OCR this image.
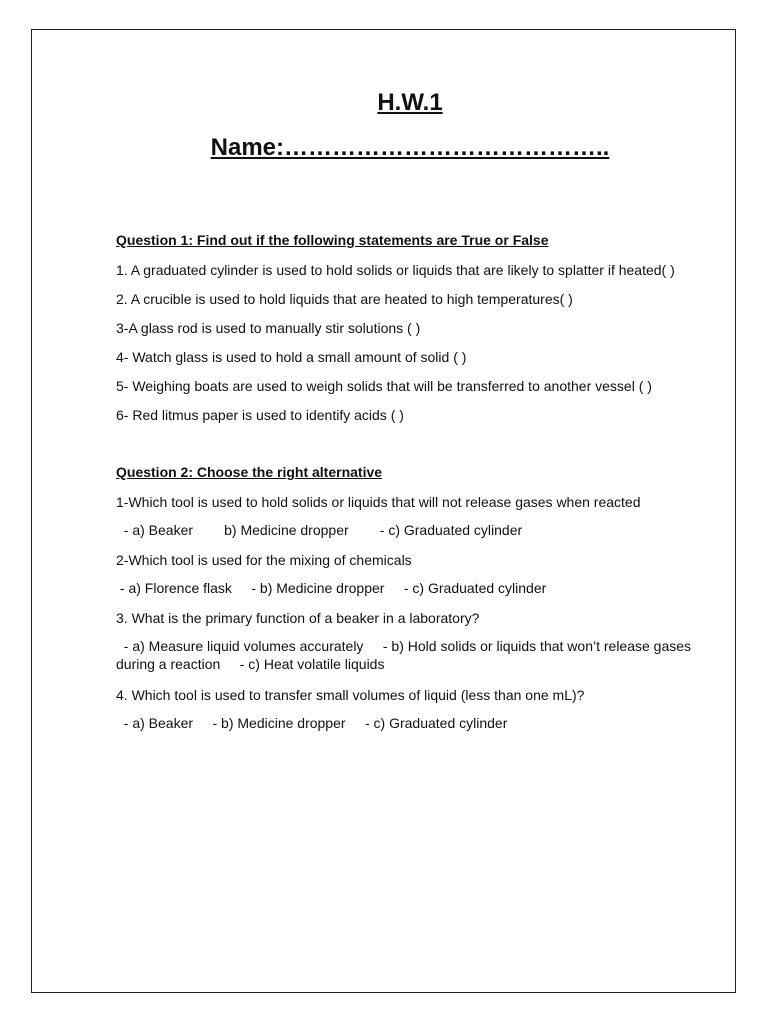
H.W.1
Name:…………………………………..
Question 1: Find out if the following statements are True or False
1. A graduated cylinder is used to hold solids or liquids that are likely to splatter if heated( )
2. A crucible is used to hold liquids that are heated to high temperatures( )
3-A glass rod is used to manually stir solutions ( )
4- Watch glass is used to hold a small amount of solid ( )
5- Weighing boats are used to weigh solids that will be transferred to another vessel ( )
6- Red litmus paper is used to identify acids ( )
Question 2: Choose the right alternative
1-Which tool is used to hold solids or liquids that will not release gases when reacted
- a) Beaker        b) Medicine dropper        - c) Graduated cylinder
2-Which tool is used for the mixing of chemicals
- a) Florence flask     - b) Medicine dropper     - c) Graduated cylinder
3. What is the primary function of a beaker in a laboratory?
- a) Measure liquid volumes accurately     - b) Hold solids or liquids that won’t release gases during a reaction     - c) Heat volatile liquids
4. Which tool is used to transfer small volumes of liquid (less than one mL)?
- a) Beaker     - b) Medicine dropper     - c) Graduated cylinder
